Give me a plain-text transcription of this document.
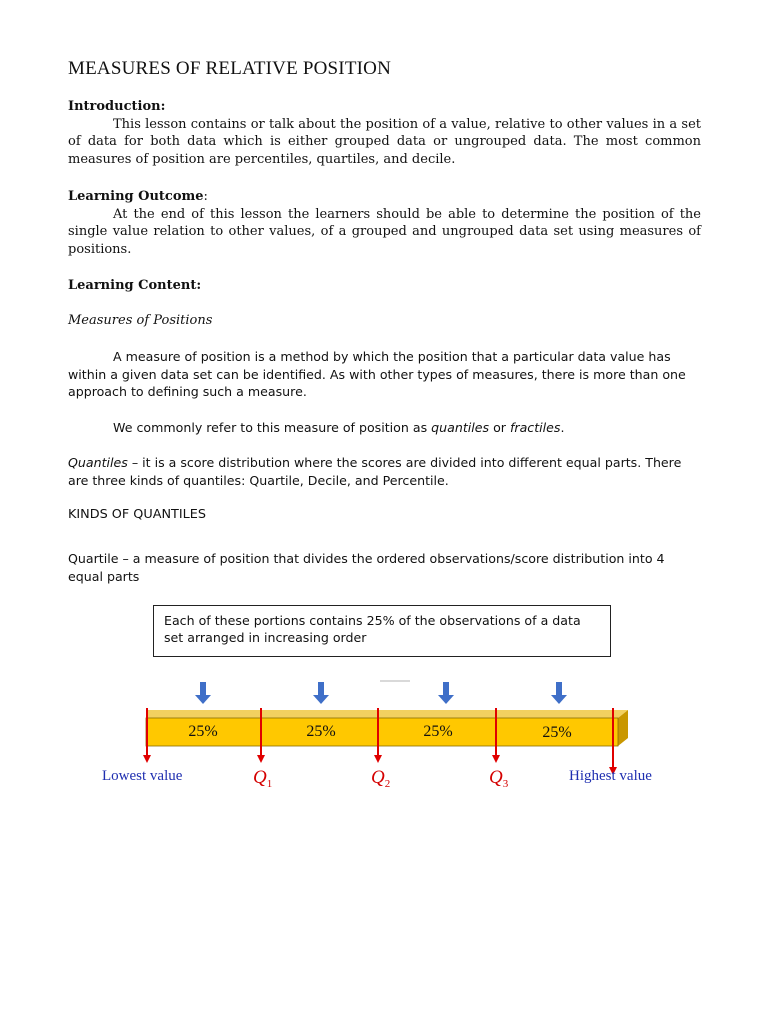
MEASURES OF RELATIVE POSITION
Introduction:
This lesson contains or talk about the position of a value, relative to other values in a set of data for both data which is either grouped data or ungrouped data. The most common measures of position are percentiles, quartiles, and decile.
Learning Outcome:
At the end of this lesson the learners should be able to determine the position of the single value relation to other values, of a grouped and ungrouped data set using measures of positions.
Learning Content:
Measures of Positions
A measure of position is a method by which the position that a particular data value has within a given data set can be identified. As with other types of measures, there is more than one approach to defining such a measure.
We commonly refer to this measure of position as quantiles or fractiles.
Quantiles – it is a score distribution where the scores are divided into different equal parts. There are three kinds of quantiles: Quartile, Decile, and Percentile.
KINDS OF QUANTILES
Quartile – a measure of position that divides the ordered observations/score distribution into 4 equal parts
Each of these portions contains 25% of the observations of a data set arranged in increasing order
25%	25%	25%	25%
Lowest value	Highest value
$Q_1$	$Q_2$	$Q_3$
